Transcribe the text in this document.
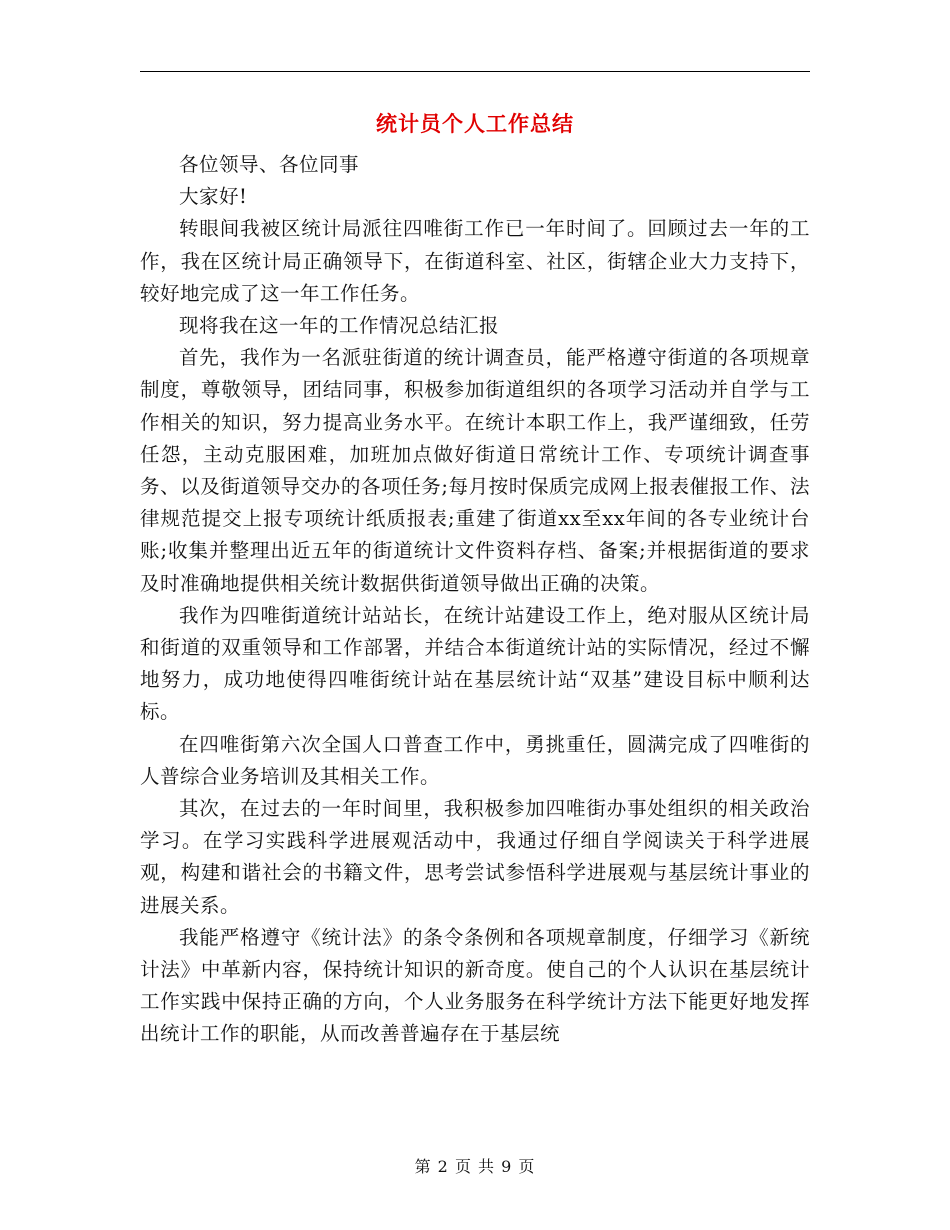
统计员个人工作总结

各位领导、各位同事

大家好!

转眼间我被区统计局派往四唯街工作已一年时间了。回顾过去一年的工作，我在区统计局正确领导下，在街道科室、社区，街辖企业大力支持下，较好地完成了这一年工作任务。

现将我在这一年的工作情况总结汇报

首先，我作为一名派驻街道的统计调查员，能严格遵守街道的各项规章制度，尊敬领导，团结同事，积极参加街道组织的各项学习活动并自学与工作相关的知识，努力提高业务水平。在统计本职工作上，我严谨细致，任劳任怨，主动克服困难，加班加点做好街道日常统计工作、专项统计调查事务、以及街道领导交办的各项任务;每月按时保质完成网上报表催报工作、法律规范提交上报专项统计纸质报表;重建了街道xx至xx年间的各专业统计台账;收集并整理出近五年的街道统计文件资料存档、备案;并根据街道的要求及时准确地提供相关统计数据供街道领导做出正确的决策。

我作为四唯街道统计站站长，在统计站建设工作上，绝对服从区统计局和街道的双重领导和工作部署，并结合本街道统计站的实际情况，经过不懈地努力，成功地使得四唯街统计站在基层统计站“双基”建设目标中顺利达标。

在四唯街第六次全国人口普查工作中，勇挑重任，圆满完成了四唯街的人普综合业务培训及其相关工作。

其次，在过去的一年时间里，我积极参加四唯街办事处组织的相关政治学习。在学习实践科学进展观活动中，我通过仔细自学阅读关于科学进展观，构建和谐社会的书籍文件，思考尝试参悟科学进展观与基层统计事业的进展关系。

我能严格遵守《统计法》的条令条例和各项规章制度，仔细学习《新统计法》中革新内容，保持统计知识的新奇度。使自己的个人认识在基层统计工作实践中保持正确的方向，个人业务服务在科学统计方法下能更好地发挥出统计工作的职能，从而改善普遍存在于基层统

第 2 页 共 9 页
